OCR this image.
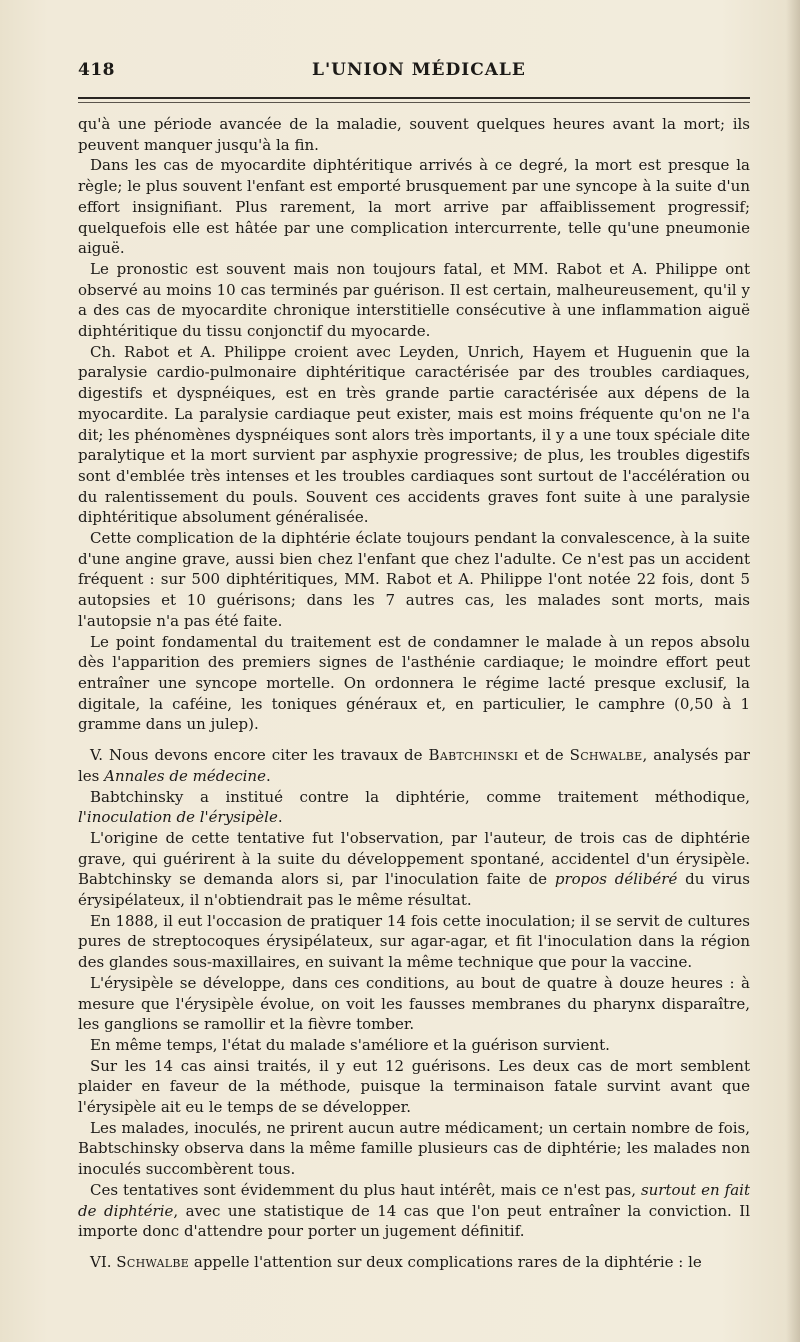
418	L'UNION MÉDICALE

qu'à une période avancée de la maladie, souvent quelques heures avant la mort; ils peuvent manquer jusqu'à la fin.

Dans les cas de myocardite diphtéritique arrivés à ce degré, la mort est presque la règle; le plus souvent l'enfant est emporté brusquement par une syncope à la suite d'un effort insignifiant. Plus rarement, la mort arrive par affaiblissement progressif; quelquefois elle est hâtée par une complication intercurrente, telle qu'une pneumonie aiguë.

Le pronostic est souvent mais non toujours fatal, et MM. Rabot et A. Philippe ont observé au moins 10 cas terminés par guérison. Il est certain, malheureusement, qu'il y a des cas de myocardite chronique interstitielle consécutive à une inflammation aiguë diphtéritique du tissu conjonctif du myocarde.

Ch. Rabot et A. Philippe croient avec Leyden, Unrich, Hayem et Huguenin que la paralysie cardio-pulmonaire diphtéritique caractérisée par des troubles cardiaques, digestifs et dyspnéiques, est en très grande partie caractérisée aux dépens de la myocardite. La paralysie cardiaque peut exister, mais est moins fréquente qu'on ne l'a dit; les phénomènes dyspnéiques sont alors très importants, il y a une toux spéciale dite paralytique et la mort survient par asphyxie progressive; de plus, les troubles digestifs sont d'emblée très intenses et les troubles cardiaques sont surtout de l'accélération ou du ralentissement du pouls. Souvent ces accidents graves font suite à une paralysie diphtéritique absolument généralisée.

Cette complication de la diphtérie éclate toujours pendant la convalescence, à la suite d'une angine grave, aussi bien chez l'enfant que chez l'adulte. Ce n'est pas un accident fréquent : sur 500 diphtéritiques, MM. Rabot et A. Philippe l'ont notée 22 fois, dont 5 autopsies et 10 guérisons; dans les 7 autres cas, les malades sont morts, mais l'autopsie n'a pas été faite.

Le point fondamental du traitement est de condamner le malade à un repos absolu dès l'apparition des premiers signes de l'asthénie cardiaque; le moindre effort peut entraîner une syncope mortelle. On ordonnera le régime lacté presque exclusif, la digitale, la caféine, les toniques généraux et, en particulier, le camphre (0,50 à 1 gramme dans un julep).

V. Nous devons encore citer les travaux de Babtchinski et de Schwalbe, analysés par les Annales de médecine.

Babtchinsky a institué contre la diphtérie, comme traitement méthodique, l'inoculation de l'érysipèle.

L'origine de cette tentative fut l'observation, par l'auteur, de trois cas de diphtérie grave, qui guérirent à la suite du développement spontané, accidentel d'un érysipèle. Babtchinsky se demanda alors si, par l'inoculation faite de propos délibéré du virus érysipélateux, il n'obtiendrait pas le même résultat.

En 1888, il eut l'occasion de pratiquer 14 fois cette inoculation; il se servit de cultures pures de streptocoques érysipélateux, sur agar-agar, et fit l'inoculation dans la région des glandes sous-maxillaires, en suivant la même technique que pour la vaccine.

L'érysipèle se développe, dans ces conditions, au bout de quatre à douze heures : à mesure que l'érysipèle évolue, on voit les fausses membranes du pharynx disparaître, les ganglions se ramollir et la fièvre tomber.

En même temps, l'état du malade s'améliore et la guérison survient.

Sur les 14 cas ainsi traités, il y eut 12 guérisons. Les deux cas de mort semblent plaider en faveur de la méthode, puisque la terminaison fatale survint avant que l'érysipèle ait eu le temps de se développer.

Les malades, inoculés, ne prirent aucun autre médicament; un certain nombre de fois, Babtschinsky observa dans la même famille plusieurs cas de diphtérie; les malades non inoculés succombèrent tous.

Ces tentatives sont évidemment du plus haut intérêt, mais ce n'est pas, surtout en fait de diphtérie, avec une statistique de 14 cas que l'on peut entraîner la conviction. Il importe donc d'attendre pour porter un jugement définitif.

VI. Schwalbe appelle l'attention sur deux complications rares de la diphtérie : le
